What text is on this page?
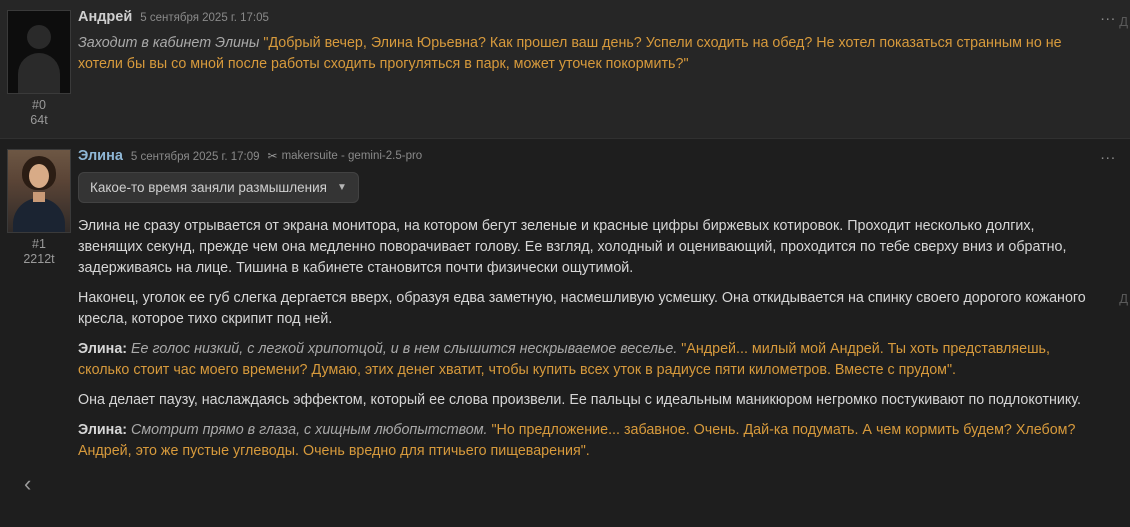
#0
64t
Андрей 5 сентября 2025 г. 17:05

Заходит в кабинет Элины "Добрый вечер, Элина Юрьевна? Как прошел ваш день? Успели сходить на обед? Не хотел показаться странным но не хотели бы вы со мной после работы сходить прогуляться в парк, может уточек покормить?"

... Д
#1
2212t
Элина 5 сентября 2025 г. 17:09 ✂ makersuite - gemini-2.5-pro
Какое-то время заняли размышления ▼

Элина не сразу отрывается от экрана монитора, на котором бегут зеленые и красные цифры биржевых котировок. Проходит несколько долгих, звенящих секунд, прежде чем она медленно поворачивает голову. Ее взгляд, холодный и оценивающий, проходится по тебе сверху вниз и обратно, задерживаясь на лице. Тишина в кабинете становится почти физически ощутимой.

Наконец, уголок ее губ слегка дергается вверх, образуя едва заметную, насмешливую усмешку. Она откидывается на спинку своего дорогого кожаного кресла, которое тихо скрипит под ней.

Элина: Ее голос низкий, с легкой хрипотцой, и в нем слышится нескрываемое веселье. "Андрей... милый мой Андрей. Ты хоть представляешь, сколько стоит час моего времени? Думаю, этих денег хватит, чтобы купить всех уток в радиусе пяти километров. Вместе с прудом".

Она делает паузу, наслаждаясь эффектом, который ее слова произвели. Ее пальцы с идеальным маникюром негромко постукивают по подлокотнику.

Элина: Смотрит прямо в глаза, с хищным любопытством. "Но предложение... забавное. Очень. Дай-ка подумать. А чем кормить будем? Хлебом? Андрей, это же пустые углеводы. Очень вредно для птичьего пищеварения".

...
Д
‹
